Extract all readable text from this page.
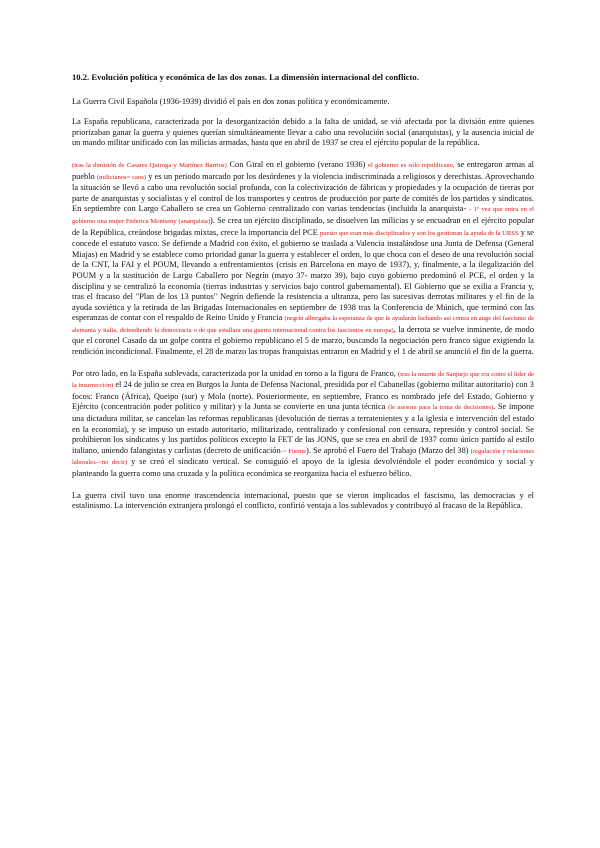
10.2. Evolución política y económica de las dos zonas. La dimensión internacional del conflicto.

La Guerra Civil Española (1936-1939) dividió el país en dos zonas política y económicamente.

La España republicana, caracterizada por la desorganización debido a la falta de unidad, se vió afectada por la división entre quienes priorizaban ganar la guerra y quienes querían simultáneamente llevar a cabo una revolución social (anarquistas), y la ausencia inicial de un mando militar unificado con las milicias armadas, hasta que en abril de 1937 se crea el ejército popular de la república.

(tras la dimisión de Casares Quiroga y Martínez Barrios) Con Giral en el gobierno (verano 1936) el gobierno es sólo republicano, se entregaron armas al pueblo (milicianos= caos) y es un periodo marcado por los desórdenes y la violencia indiscriminada a religiosos y derechistas. Aprovechando la situación se llevó a cabo una revolución social profunda, con la colectivización de fábricas y propiedades y la ocupación de tierras por parte de anarquistas y socialistas y el control de los transportes y centros de producción por parte de comités de los partidos y sindicatos. En septiembre con Largo Caballero se crea un Gobierno centralizado con varias tendencias (incluida la anarquista- - 1º vez que entra en el gobierno una mujer Federica Montseny (anarquista)). Se crea un ejército disciplinado, se disuelven las milicias y se encuadran en el ejército popular de la República, creándose brigadas mixtas, crece la importancia del PCE puesto que eran más disciplinados y son los gestionan la ayuda de la URSS y se concede el estatuto vasco. Se defiende a Madrid con éxito, el gobierno se traslada a Valencia instalándose una Junta de Defensa (General Miajas) en Madrid y se establece como prioridad ganar la guerra y establecer el orden, lo que choca con el deseo de una revolución social de la CNT, la FAI y el POUM, llevando a enfrentamientos (crisis en Barcelona en mayo de 1937), y, finalmente, a la ilegalización del POUM y a la sustitución de Largo Caballero por Negrín (mayo 37- marzo 39), bajo cuyo gobierno predominó el PCE, el orden y la disciplina y se centralizó la economía (tierras industrias y servicios bajo control gubernamental). El Gobierno que se exilia a Francia y, tras el fracaso del "Plan de los 13 puntos" Negrín defiende la resistencia a ultranza, pero las sucesivas derrotas militares y el fin de la ayuda soviética y la retirada de las Brigadas Internacionales en septiembre de 1938 tras la Conferencia de Múnich, que terminó con las esperanzas de contar con el respaldo de Reino Unido y Francia (negrín albergaba la esperanza de que le ayudarán luchando así contra en auge del fascismo de alemania y italia, defendiendo la democracia o de que estallara una guerra internacional contra los fascismos en europa), la derrota se vuelve inminente, de modo que el coronel Casado da un golpe contra el gobierno republicano el 5 de marzo, buscando la negociación pero franco sigue exigiendo la rendición incondicional. Finalmente, el 28 de marzo las tropas franquistas entraron en Madrid y el 1 de abril se anunció el fin de la guerra.

Por otro lado, en la España sublevada, caracterizada por la unidad en torno a la figura de Franco, (tras la muerte de Sanjurjo que era como el líder de la insurrección) el 24 de julio se crea en Burgos la Junta de Defensa Nacional, presidida por el Cabanellas (gobierno militar autoritario) con 3 focos: Franco (África), Queipo (sur) y Mola (norte). Posteriormente, en septiembre, Franco es nombrado jefe del Estado, Gobierno y Ejército (concentración poder político y militar) y la Junta se convierte en una junta técnica (le asesora para la toma de decisiones). Se impone una dictadura militar, se cancelan las reformas republicanas (devolución de tierras a terratenientes y a la iglesia e intervención del estado en la economía), y se impuso un estado autoritario, militarizado, centralizado y confesional con censura, represión y control social. Se prohibieron los sindicatos y los partidos políticos excepto la FET de las JONS, que se crea en abril de 1937 como único partido al estilo italiano, uniendo falangistas y carlistas (decreto de unificación-> Fuente). Se aprobó el Fuero del Trabajo (Marzo del 38) (regulación y relaciones laborales->no decir) y se creó el sindicato vertical. Se consiguió el apoyo de la iglesia devolviéndole el poder económico y social y planteando la guerra como una cruzada y la política económica se reorganiza hacia el esfuerzo bélico.

La guerra civil tuvo una enorme trascendencia internacional, puesto que se vieron implicados el fascismo, las democracias y el estalinismo. La intervención extranjera prolongó el conflicto, confirió ventaja a los sublevados y contribuyó al fracaso de la República.
